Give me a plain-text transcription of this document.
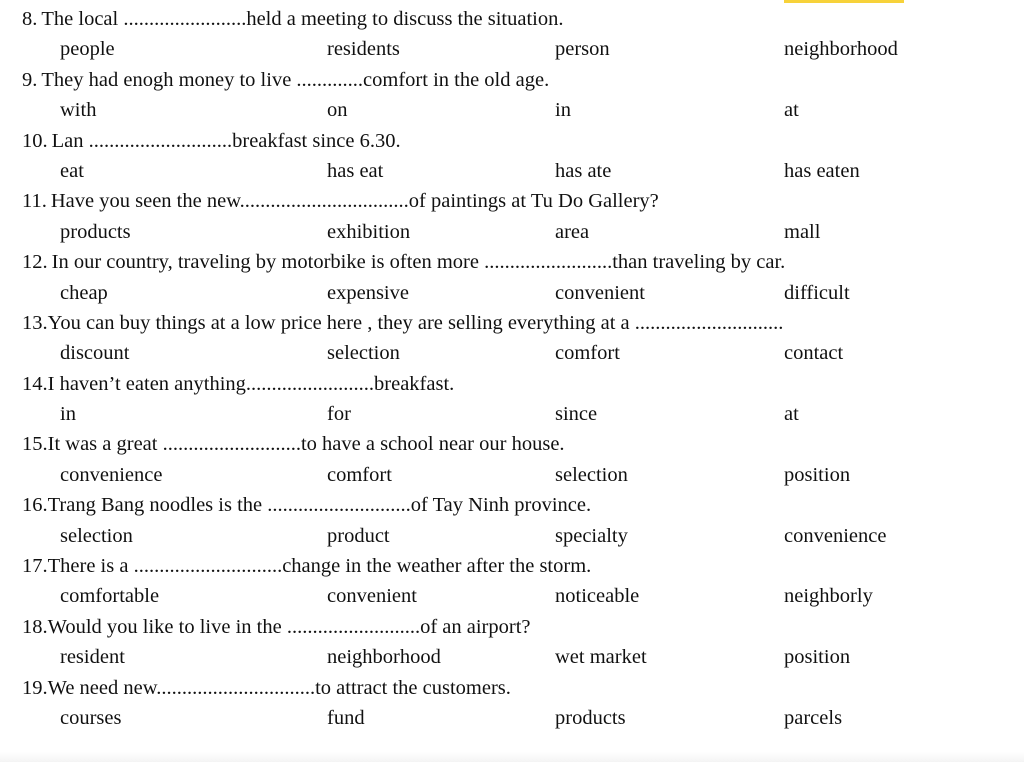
8. The local ........................held a meeting to discuss the situation.
people	residents	person	neighborhood
9. They had enogh money to live .............comfort in the old age.
with	on	in	at
10. Lan ............................breakfast since 6.30.
eat	has eat	has ate	has eaten
11. Have you seen the new.................................of paintings at Tu Do Gallery?
products	exhibition	area	mall
12. In our country, traveling by motorbike is often more .........................than traveling by car.
cheap	expensive	convenient	difficult
13.You can buy things at a low price here , they are selling everything at a .............................
discount	selection	comfort	contact
14.I haven’t eaten anything.........................breakfast.
in	for	since	at
15.It was a great ...........................to have a school near our house.
convenience	comfort	selection	position
16.Trang Bang noodles is the ............................of Tay Ninh province.
selection	product	specialty	convenience
17.There is a .............................change in the weather after the storm.
comfortable	convenient	noticeable	neighborly
18.Would you like to live in the ..........................of an airport?
resident	neighborhood	wet market	position
19.We need new...............................to attract the customers.
courses	fund	products	parcels
